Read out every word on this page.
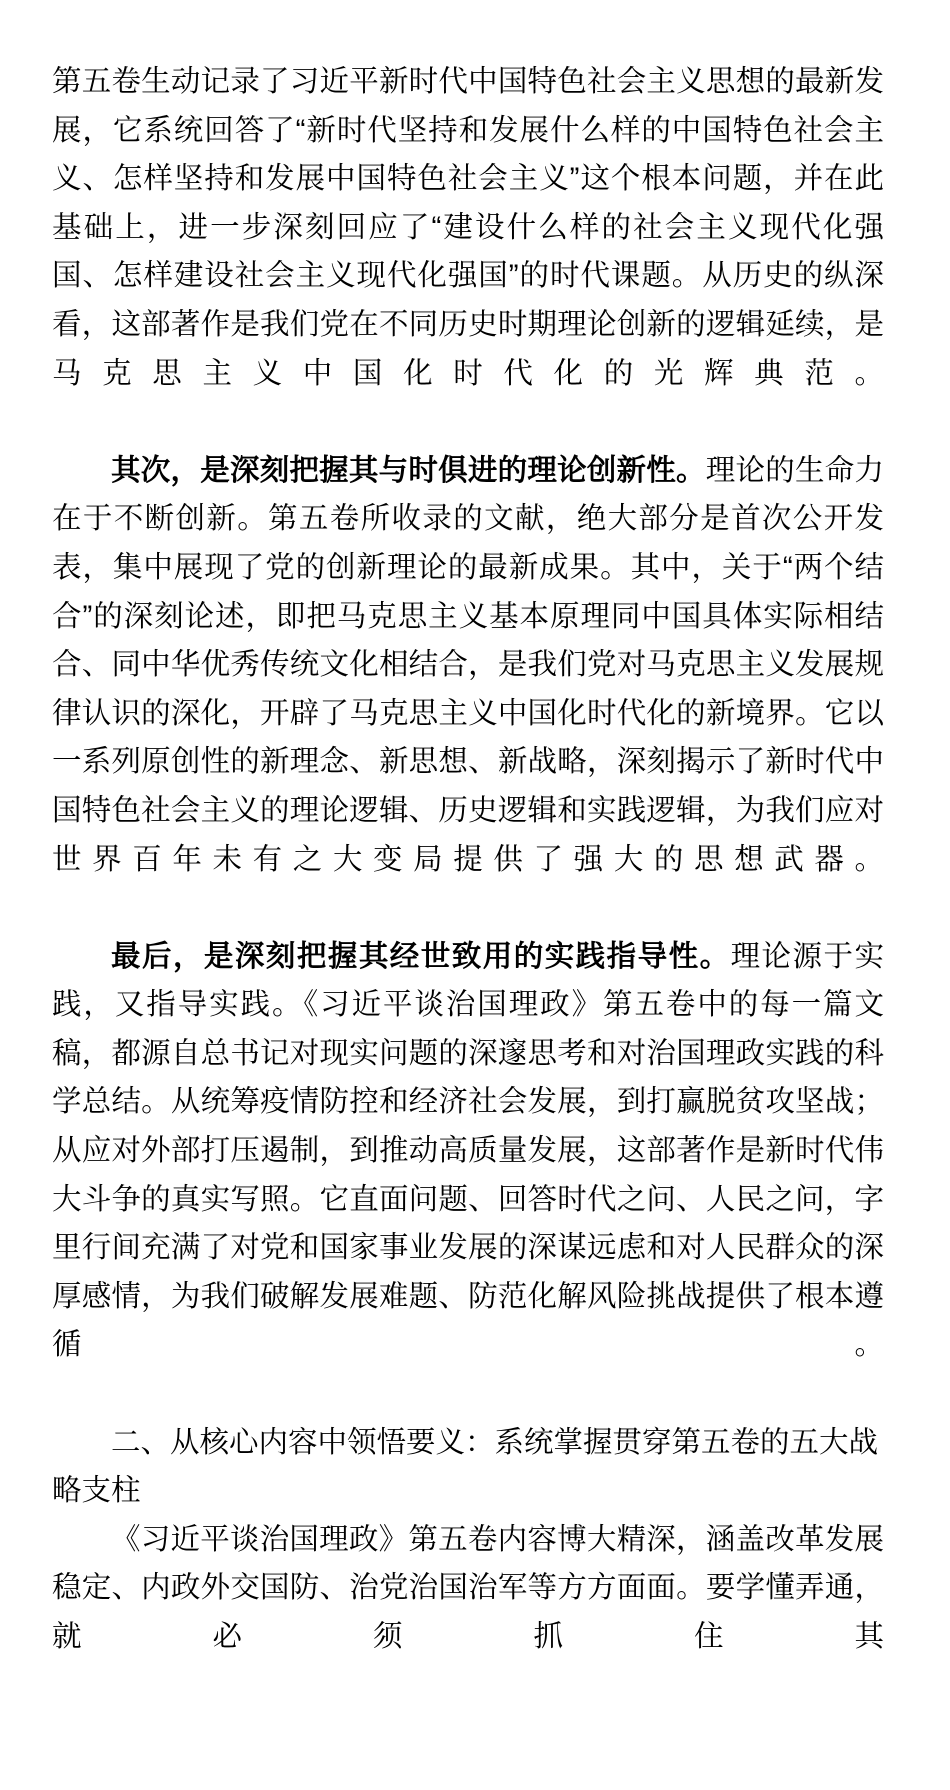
第五卷生动记录了习近平新时代中国特色社会主义思想的最新发展，它系统回答了“新时代坚持和发展什么样的中国特色社会主义、怎样坚持和发展中国特色社会主义”这个根本问题，并在此基础上，进一步深刻回应了“建设什么样的社会主义现代化强国、怎样建设社会主义现代化强国”的时代课题。从历史的纵深看，这部著作是我们党在不同历史时期理论创新的逻辑延续，是马克思主义中国化时代化的光辉典范。

其次，是深刻把握其与时俱进的理论创新性。理论的生命力在于不断创新。第五卷所收录的文献，绝大部分是首次公开发表，集中展现了党的创新理论的最新成果。其中，关于“两个结合”的深刻论述，即把马克思主义基本原理同中国具体实际相结合、同中华优秀传统文化相结合，是我们党对马克思主义发展规律认识的深化，开辟了马克思主义中国化时代化的新境界。它以一系列原创性的新理念、新思想、新战略，深刻揭示了新时代中国特色社会主义的理论逻辑、历史逻辑和实践逻辑，为我们应对世界百年未有之大变局提供了强大的思想武器。

最后，是深刻把握其经世致用的实践指导性。理论源于实践，又指导实践。《习近平谈治国理政》第五卷中的每一篇文稿，都源自总书记对现实问题的深邃思考和对治国理政实践的科学总结。从统筹疫情防控和经济社会发展，到打赢脱贫攻坚战；从应对外部打压遏制，到推动高质量发展，这部著作是新时代伟大斗争的真实写照。它直面问题、回答时代之问、人民之问，字里行间充满了对党和国家事业发展的深谋远虑和对人民群众的深厚感情，为我们破解发展难题、防范化解风险挑战提供了根本遵循。

二、从核心内容中领悟要义：系统掌握贯穿第五卷的五大战略支柱

《习近平谈治国理政》第五卷内容博大精深，涵盖改革发展稳定、内政外交国防、治党治国治军等方方面面。要学懂弄通，就必须抓住其
